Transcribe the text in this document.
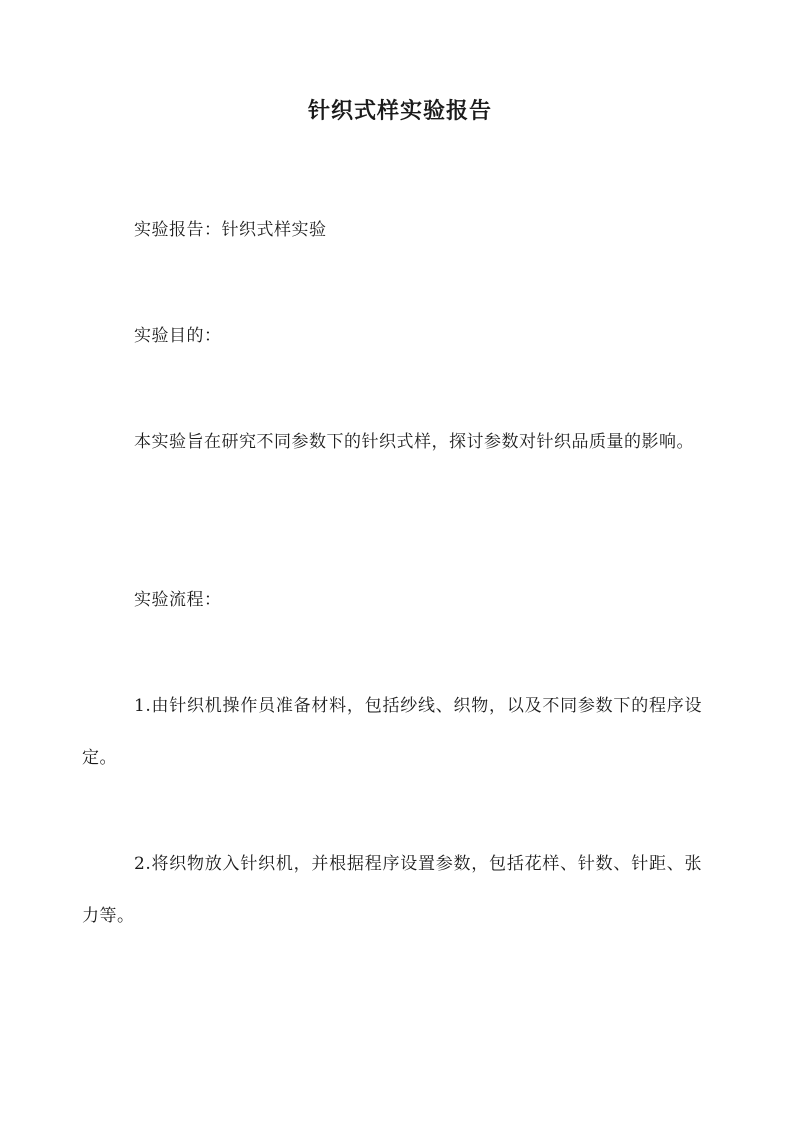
针织式样实验报告

实验报告：针织式样实验

实验目的：

本实验旨在研究不同参数下的针织式样，探讨参数对针织品质量的影响。

实验流程：

1.由针织机操作员准备材料，包括纱线、织物，以及不同参数下的程序设定。

2.将织物放入针织机，并根据程序设置参数，包括花样、针数、针距、张力等。
